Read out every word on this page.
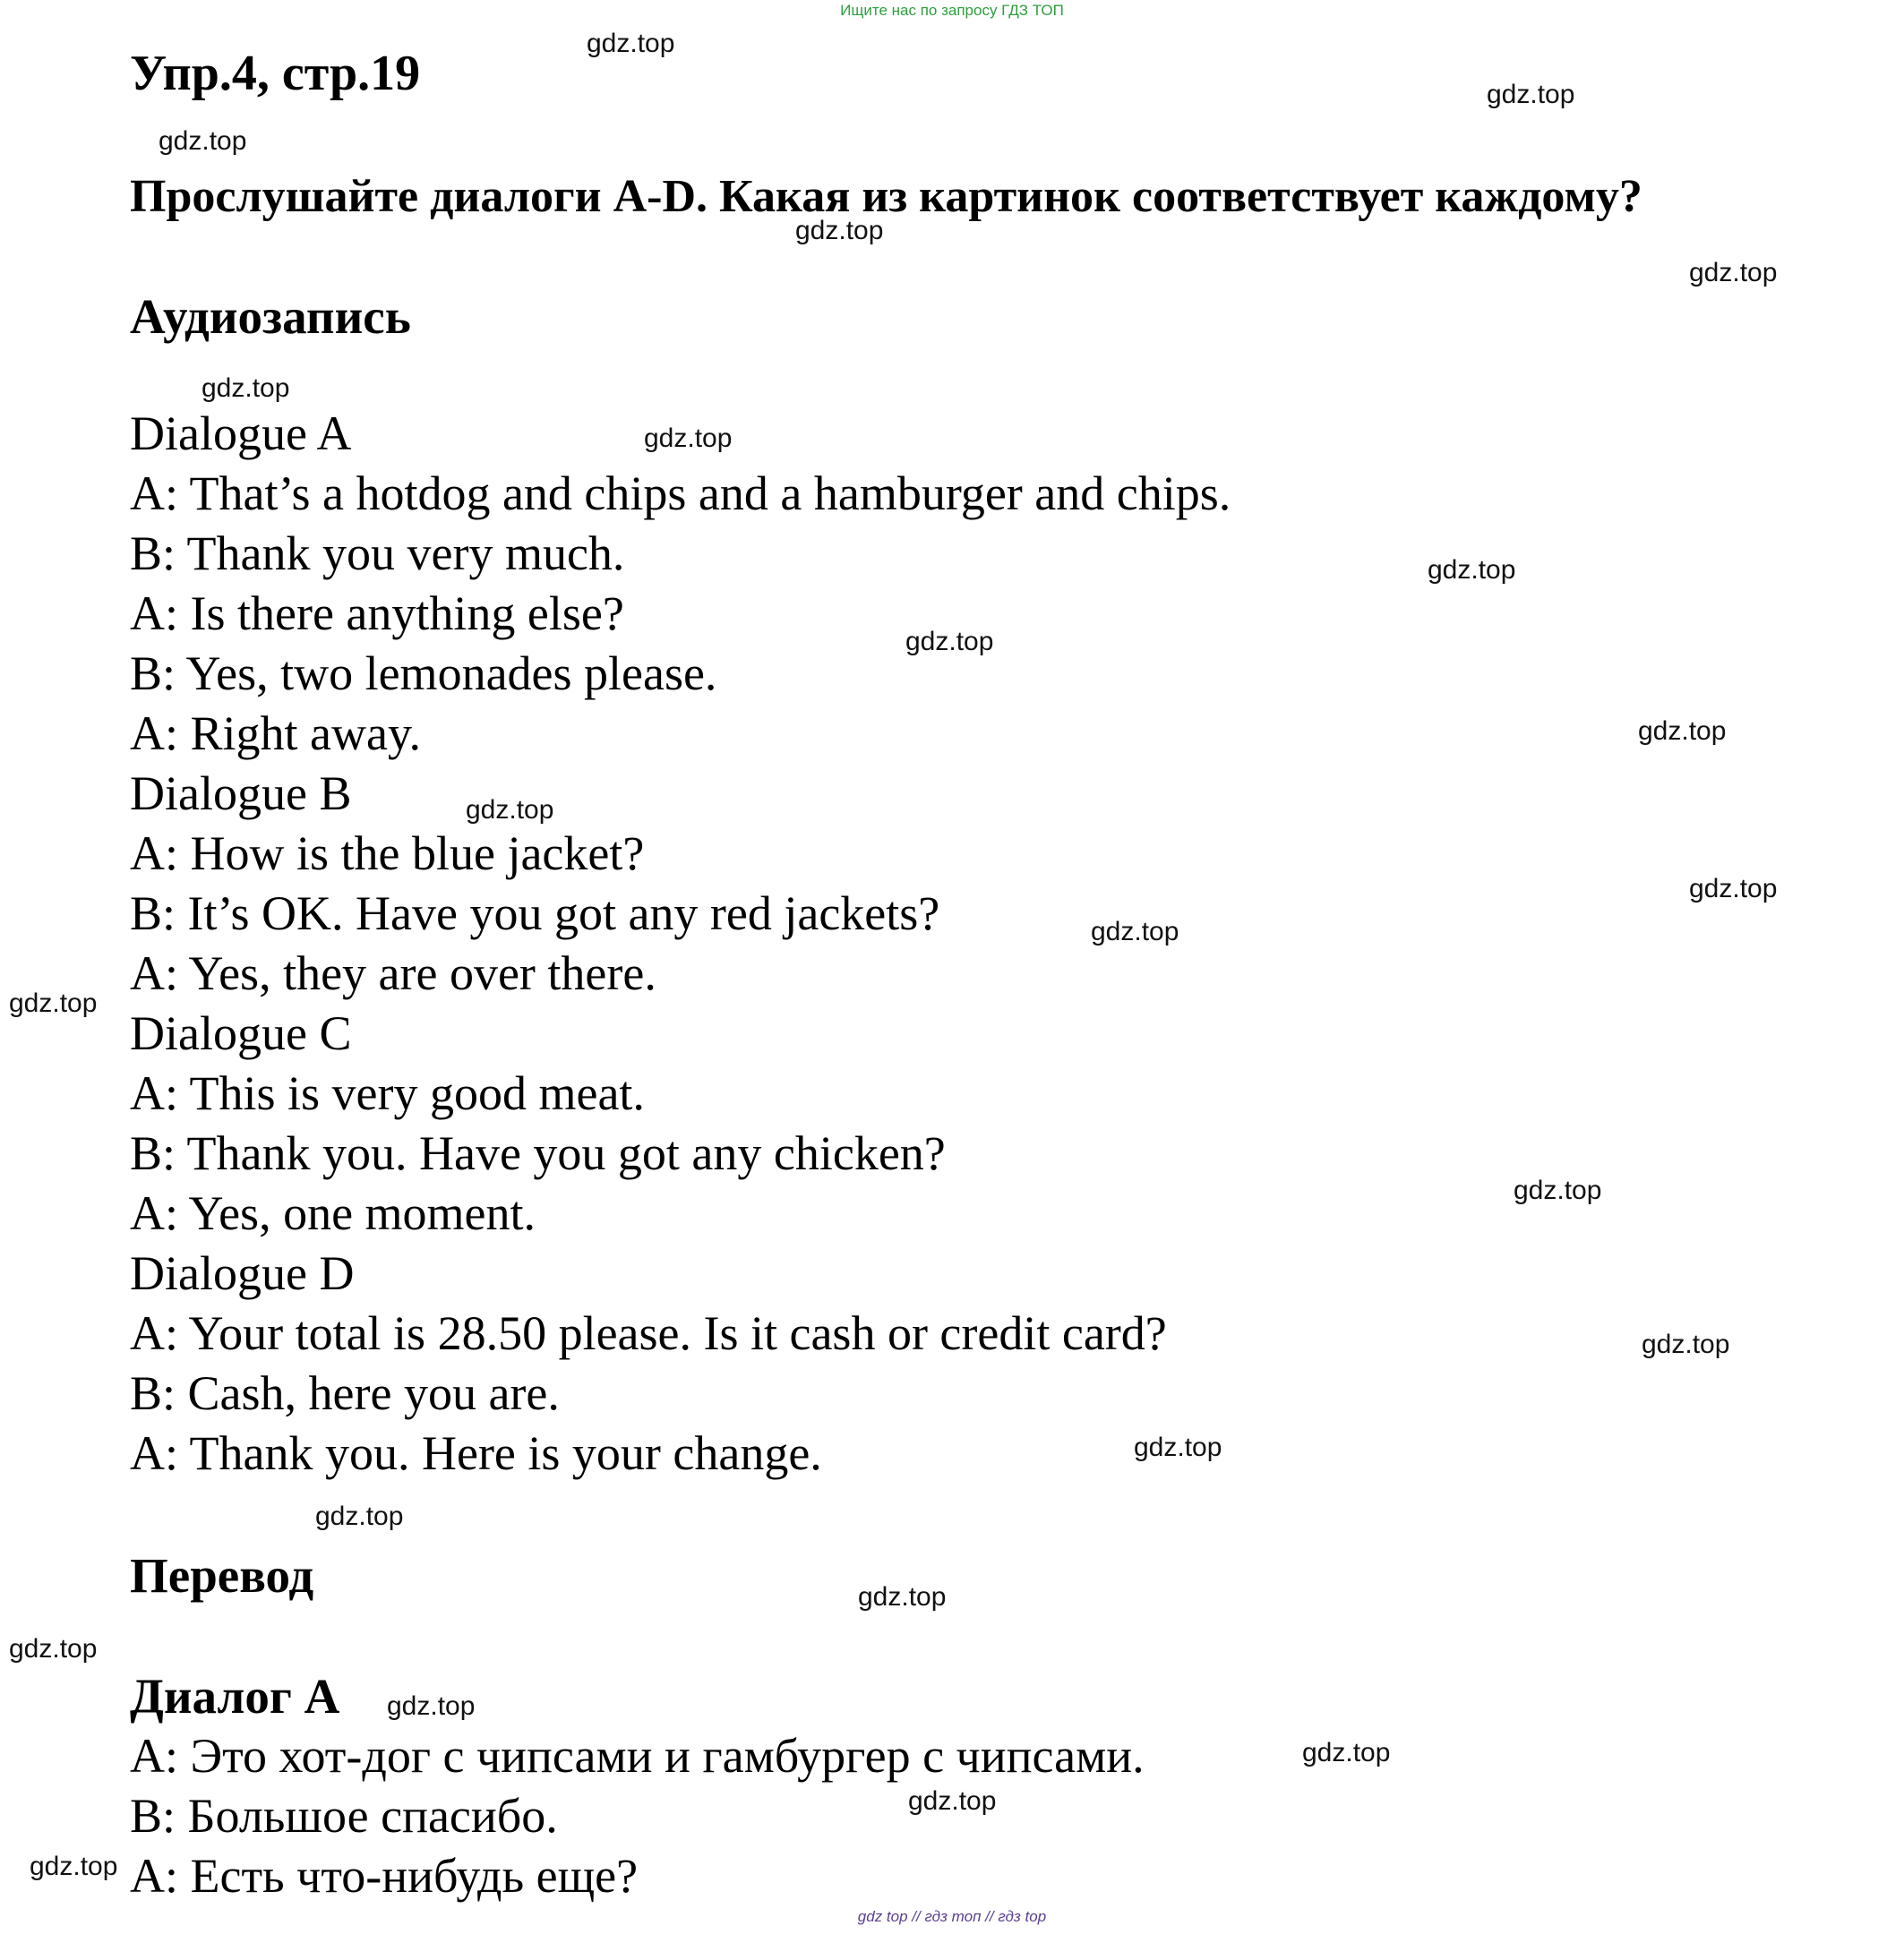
Ищите нас по запросу ГДЗ ТОП
Упр.4, стр.19
Прослушайте диалоги A-D. Какая из картинок соответствует каждому?
Аудиозапись
Dialogue A
A: That’s a hotdog and chips and a hamburger and chips.
B: Thank you very much.
A: Is there anything else?
B: Yes, two lemonades please.
A: Right away.
Dialogue B
A: How is the blue jacket?
B: It’s OK. Have you got any red jackets?
A: Yes, they are over there.
Dialogue C
A: This is very good meat.
B: Thank you. Have you got any chicken?
A: Yes, one moment.
Dialogue D
A: Your total is 28.50 please. Is it cash or credit card?
B: Cash, here you are.
A: Thank you. Here is your change.
Перевод
Диалог А
А: Это хот-дог с чипсами и гамбургер с чипсами.
В: Большое спасибо.
А: Есть что-нибудь еще?
gdz.top
gdz.top
gdz.top
gdz.top
gdz.top
gdz.top
gdz.top
gdz.top
gdz.top
gdz.top
gdz.top
gdz.top
gdz.top
gdz.top
gdz.top
gdz.top
gdz.top
gdz.top
gdz.top
gdz.top
gdz.top
gdz.top
gdz.top
gdz.top
gdz top // гдз топ // гдз top
